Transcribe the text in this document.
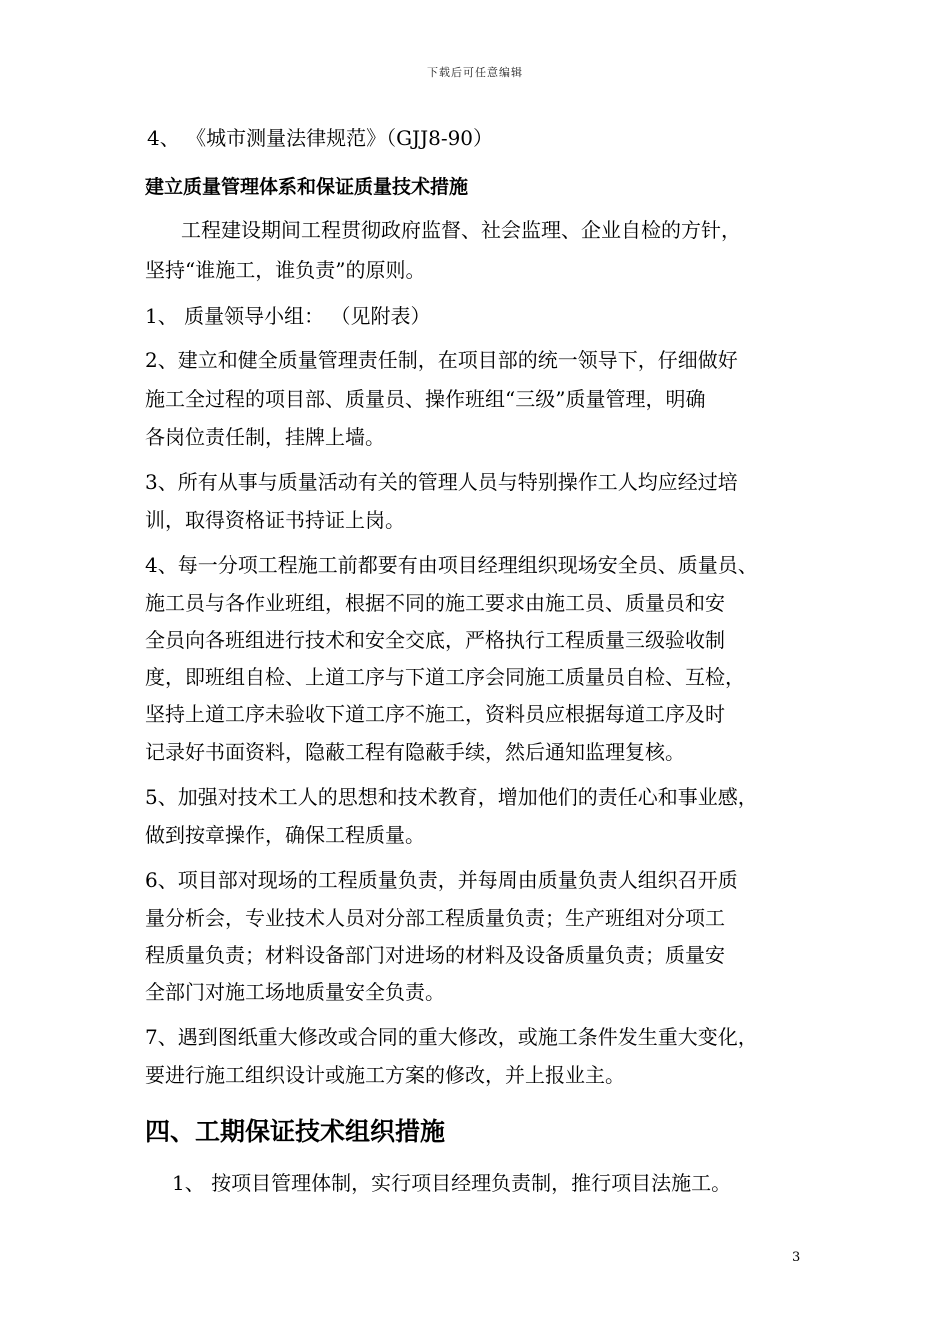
下载后可任意编辑
4、 《城市测量法律规范》（GJJ8-90）
建立质量管理体系和保证质量技术措施
工程建设期间工程贯彻政府监督、社会监理、企业自检的方针，
坚持“谁施工，谁负责”的原则。
1、 质量领导小组： （见附表）
2、建立和健全质量管理责任制，在项目部的统一领导下，仔细做好
施工全过程的项目部、质量员、操作班组“三级”质量管理，明确
各岗位责任制，挂牌上墙。
3、所有从事与质量活动有关的管理人员与特别操作工人均应经过培
训，取得资格证书持证上岗。
4、每一分项工程施工前都要有由项目经理组织现场安全员、质量员、
施工员与各作业班组，根据不同的施工要求由施工员、质量员和安
全员向各班组进行技术和安全交底，严格执行工程质量三级验收制
度，即班组自检、上道工序与下道工序会同施工质量员自检、互检，
坚持上道工序未验收下道工序不施工，资料员应根据每道工序及时
记录好书面资料，隐蔽工程有隐蔽手续，然后通知监理复核。
5、加强对技术工人的思想和技术教育，增加他们的责任心和事业感，
做到按章操作，确保工程质量。
6、项目部对现场的工程质量负责，并每周由质量负责人组织召开质
量分析会，专业技术人员对分部工程质量负责；生产班组对分项工
程质量负责；材料设备部门对进场的材料及设备质量负责；质量安
全部门对施工场地质量安全负责。
7、遇到图纸重大修改或合同的重大修改，或施工条件发生重大变化，
要进行施工组织设计或施工方案的修改，并上报业主。
四、工期保证技术组织措施
1、 按项目管理体制，实行项目经理负责制，推行项目法施工。
3
